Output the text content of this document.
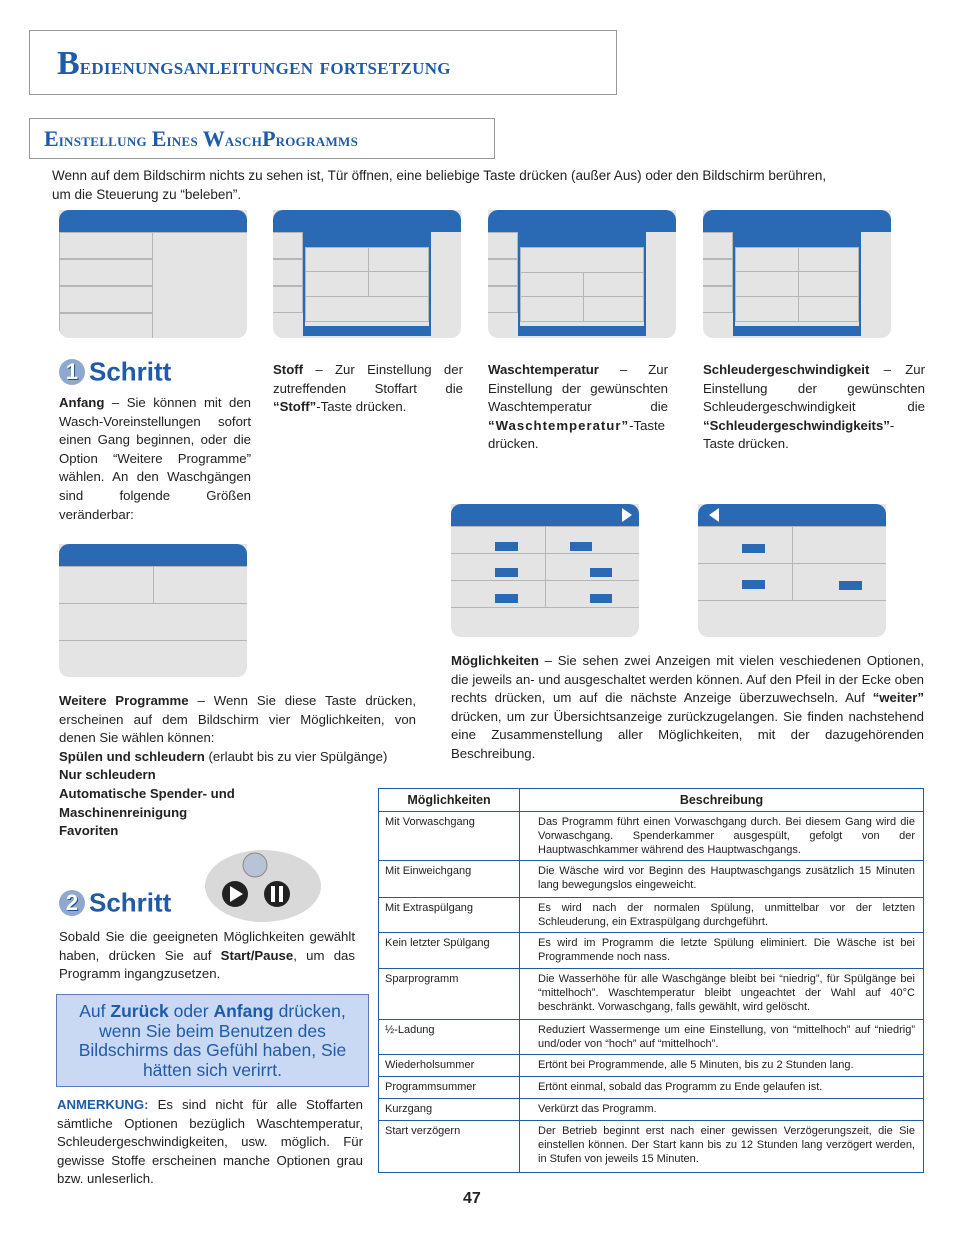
Bedienungsanleitungen fortsetzung
Einstellung Eines WaschProgramms
Wenn auf dem Bildschirm nichts zu sehen ist, Tür öffnen, eine beliebige Taste drücken (außer Aus) oder den Bildschirm berühren,
um die Steuerung zu “beleben”.
1 Schritt
Anfang – Sie können mit den Wasch-Voreinstellungen sofort einen Gang beginnen, oder die Option “Weitere Programme” wählen. An den Waschgängen sind folgende Größen veränderbar:
Stoff – Zur Einstellung der zutreffenden Stoffart die “Stoff”-Taste drücken.
Waschtemperatur – Zur Einstellung der gewünschten Waschtemperatur die “Waschtemperatur”-Taste drücken.
Schleudergeschwindigkeit – Zur Einstellung der gewünschten Schleudergeschwindigkeit die “Schleudergeschwindigkeits”-Taste drücken.
Möglichkeiten – Sie sehen zwei Anzeigen mit vielen veschiedenen Optionen, die jeweils an- und ausgeschaltet werden können. Auf den Pfeil in der Ecke oben rechts drücken, um auf die nächste Anzeige überzuwechseln. Auf “weiter” drücken, um zur Übersichtsanzeige zurückzugelangen. Sie finden nachstehend eine Zusammenstellung aller Möglichkeiten, mit der dazugehörenden Beschreibung.
Weitere Programme – Wenn Sie diese Taste drücken, erscheinen auf dem Bildschirm vier Möglichkeiten, von denen Sie wählen können:
Spülen und schleudern (erlaubt bis zu vier Spülgänge)
Nur schleudern
Automatische Spender- und
Maschinenreinigung
Favoriten
2 Schritt
Sobald Sie die geeigneten Möglichkeiten gewählt haben, drücken Sie auf Start/Pause, um das Programm ingangzusetzen.
Auf Zurück oder Anfang drücken, wenn Sie beim Benutzen des Bildschirms das Gefühl haben, Sie hätten sich verirrt.
ANMERKUNG: Es sind nicht für alle Stoffarten sämtliche Optionen bezüglich Waschtemperatur, Schleudergeschwindigkeiten, usw. möglich. Für gewisse Stoffe erscheinen manche Optionen grau bzw. unleserlich.
Möglichkeiten	Beschreibung
Mit Vorwaschgang	Das Programm führt einen Vorwaschgang durch. Bei diesem Gang wird die Vorwaschgang. Spenderkammer ausgespült, gefolgt von der Hauptwaschkammer während des Hauptwaschgangs.
Mit Einweichgang	Die Wäsche wird vor Beginn des Hauptwaschgangs zusätzlich 15 Minuten lang bewegungslos eingeweicht.
Mit Extraspülgang	Es wird nach der normalen Spülung, unmittelbar vor der letzten Schleuderung, ein Extraspülgang durchgeführt.
Kein letzter Spülgang	Es wird im Programm die letzte Spülung eliminiert. Die Wäsche ist bei Programmende noch nass.
Sparprogramm	Die Wasserhöhe für alle Waschgänge bleibt bei “niedrig”, für Spülgänge bei “mittelhoch”. Waschtemperatur bleibt ungeachtet der Wahl auf 40°C beschränkt. Vorwaschgang, falls gewählt, wird gelöscht.
½-Ladung	Reduziert Wassermenge um eine Einstellung, von “mittelhoch” auf “niedrig” und/oder von “hoch” auf “mittelhoch”.
Wiederholsummer	Ertönt bei Programmende, alle 5 Minuten, bis zu 2 Stunden lang.
Programmsummer	Ertönt einmal, sobald das Programm zu Ende gelaufen ist.
Kurzgang	Verkürzt das Programm.
Start verzögern	Der Betrieb beginnt erst nach einer gewissen Verzögerungszeit, die Sie einstellen können. Der Start kann bis zu 12 Stunden lang verzögert werden, in Stufen von jeweils 15 Minuten.
47
